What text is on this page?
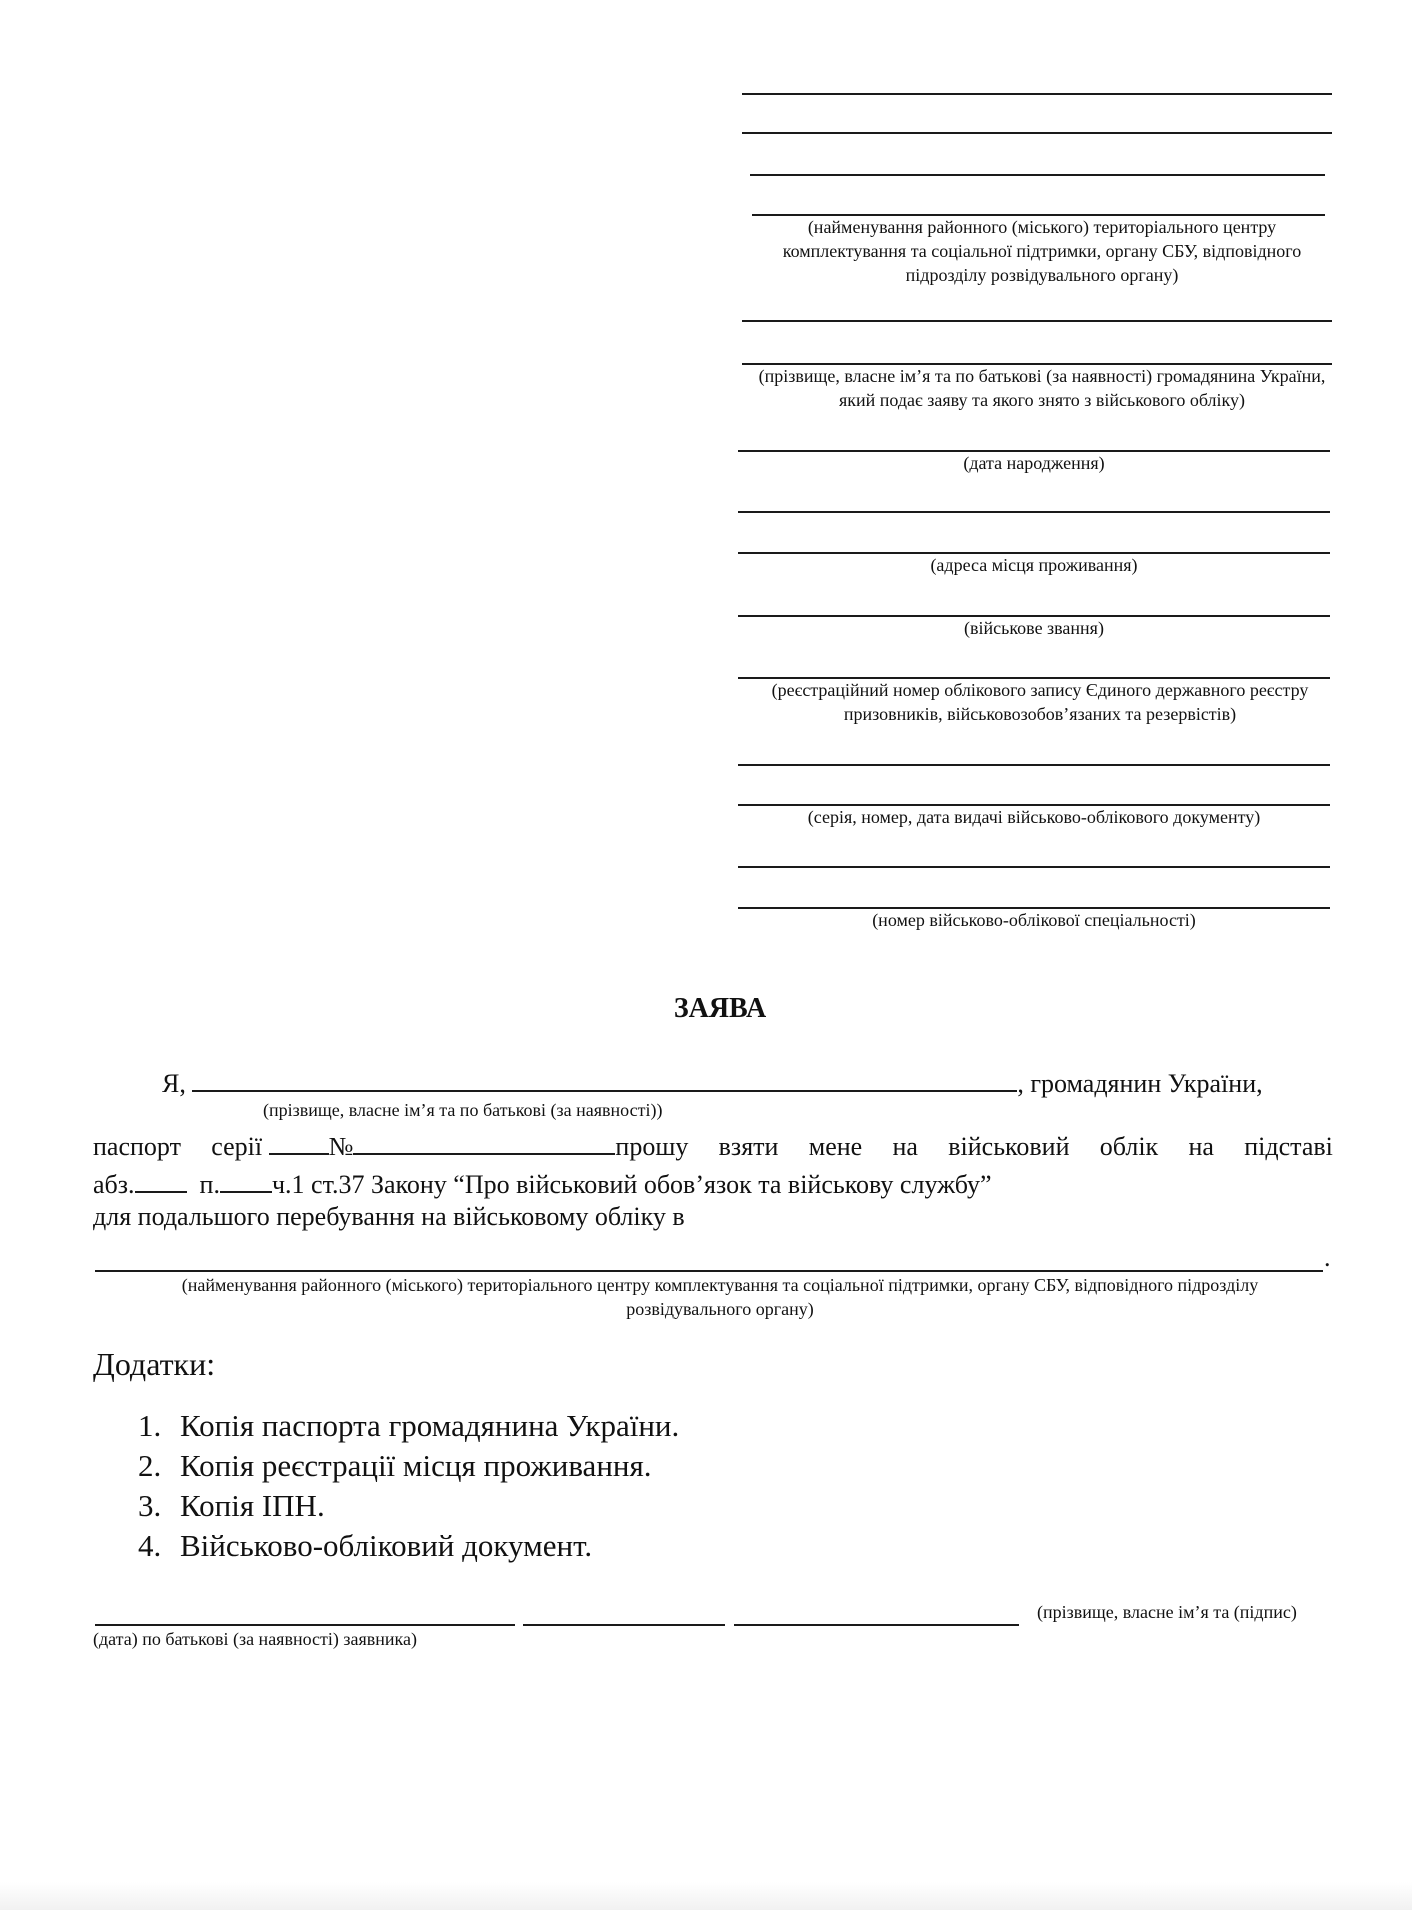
(найменування районного (міського) територіального центру комплектування та соціальної підтримки, органу СБУ, відповідного підрозділу розвідувального органу)
(прізвище, власне ім’я та по батькові (за наявності) громадянина України, який подає заяву та якого знято з військового обліку)
(дата народження)
(адреса місця проживання)
(військове звання)
(реєстраційний номер облікового запису Єдиного державного реєстру призовників, військовозобов’язаних та резервістів)
(серія, номер, дата видачі військово-облікового документу)
(номер військово-облікової спеціальності)
ЗАЯВА
Я,	, громадянин України,
(прізвище, власне ім’я та по батькові (за наявності))
паспорт серії	№	прошу взяти мене на військовий облік на підставі
абз.	п. ч.1 ст.37 Закону “Про військовий обов’язок та військову службу”
для подальшого перебування на військовому обліку в
.
(найменування районного (міського) територіального центру комплектування та соціальної підтримки, органу СБУ, відповідного підрозділу розвідувального органу)
Додатки:
1. Копія паспорта громадянина України.
2. Копія реєстрації місця проживання.
3. Копія ІПН.
4. Військово-обліковий документ.
(прізвище, власне ім’я та (підпис)
(дата) по батькові (за наявності) заявника)
